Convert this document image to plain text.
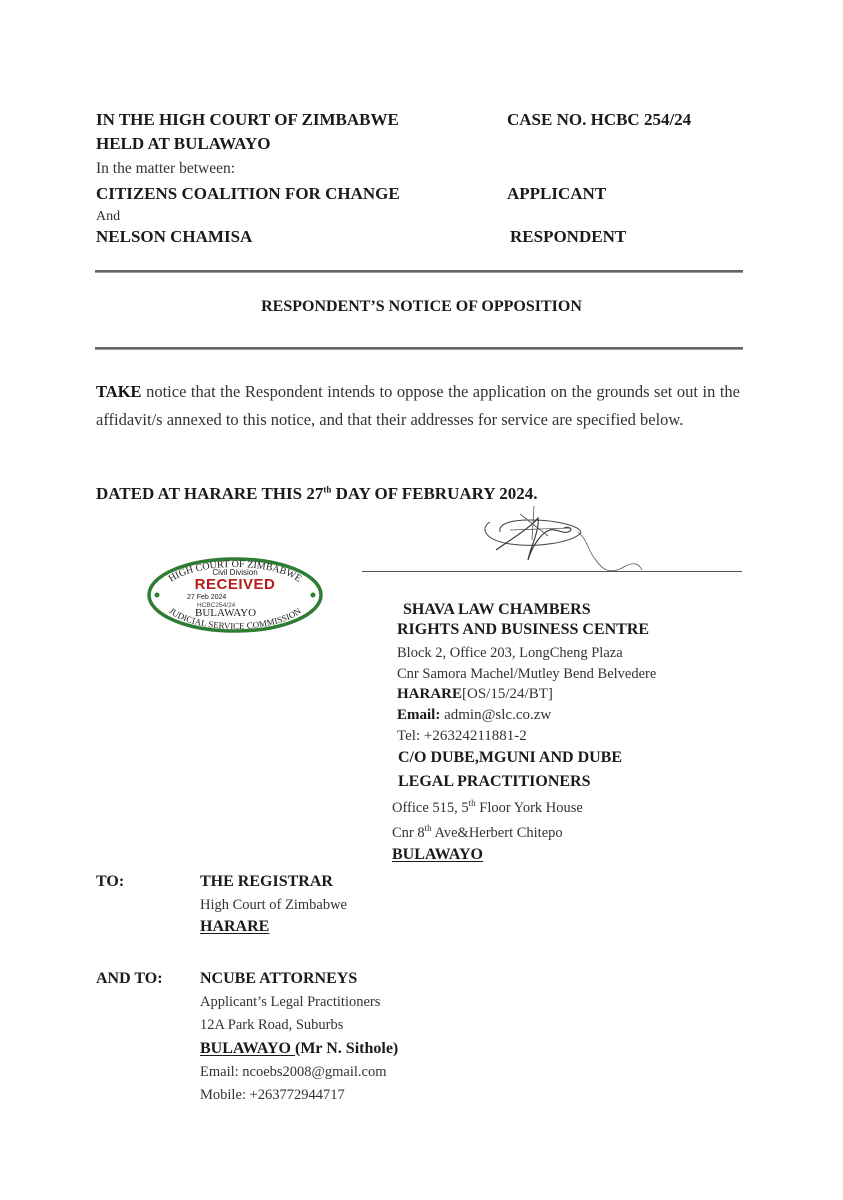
IN THE HIGH COURT OF ZIMBABWE
HELD AT BULAWAYO
CASE NO. HCBC 254/24
In the matter between:
CITIZENS COALITION FOR CHANGE	APPLICANT
And
NELSON CHAMISA	RESPONDENT
RESPONDENT’S NOTICE OF OPPOSITION
TAKE notice that the Respondent intends to oppose the application on the grounds set out in the affidavit/s annexed to this notice, and that their addresses for service are specified below.
DATED AT HARARE THIS 27th DAY OF FEBRUARY 2024.
HIGH COURT OF ZIMBABWE
JUDICIAL SERVICE COMMISSION
Civil Division
RECEIVED
27 Feb 2024
HCBC254/24
BULAWAYO	SHAVA LAW CHAMBERS
RIGHTS AND BUSINESS CENTRE
Block 2, Office 203, LongCheng Plaza
Cnr Samora Machel/Mutley Bend Belvedere
HARARE[OS/15/24/BT]
Email: admin@slc.co.zw
Tel: +26324211881-2
C/O DUBE,MGUNI AND DUBE
LEGAL PRACTITIONERS
Office 515, 5th Floor York House
Cnr 8th Ave&Herbert Chitepo
BULAWAYO
TO:	THE REGISTRAR
High Court of Zimbabwe
HARARE
AND TO: NCUBE ATTORNEYS
Applicant’s Legal Practitioners
12A Park Road, Suburbs
BULAWAYO (Mr N. Sithole)
Email: ncoebs2008@gmail.com
Mobile: +263772944717
